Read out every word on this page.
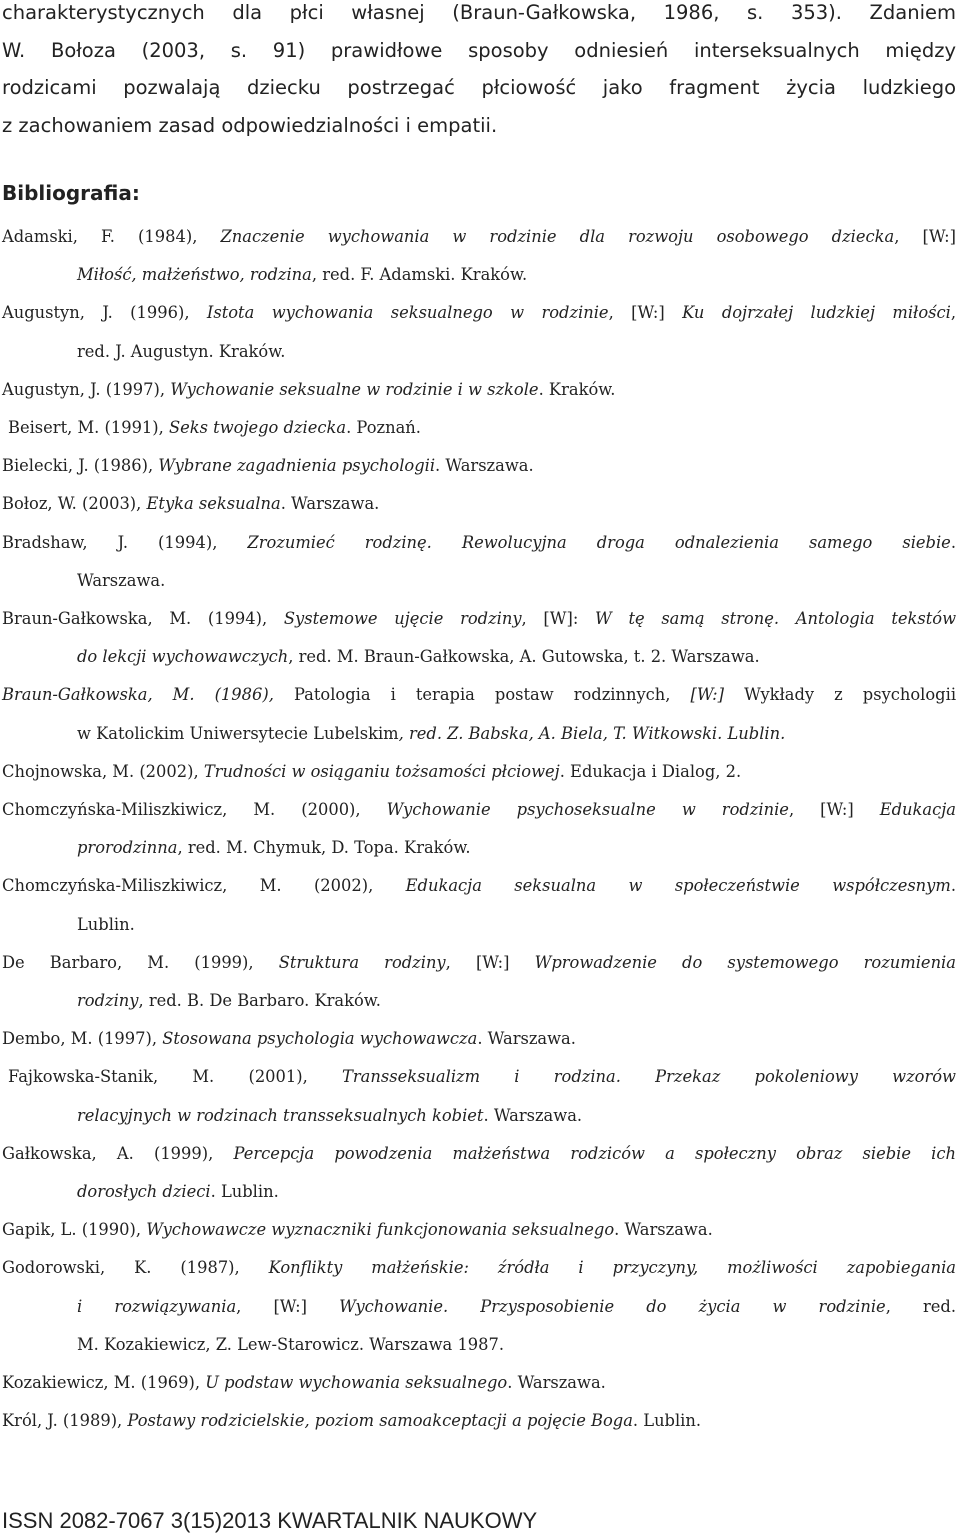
charakterystycznych dla płci własnej (Braun-Gałkowska, 1986, s. 353). Zdaniem
W. Bołoza (2003, s. 91) prawidłowe sposoby odniesień interseksualnych między
rodzicami pozwalają dziecku postrzegać płciowość jako fragment życia ludzkiego
z zachowaniem zasad odpowiedzialności i empatii.
Bibliografia:
Adamski, F. (1984), Znaczenie wychowania w rodzinie dla rozwoju osobowego dziecka, [W:]
Miłość, małżeństwo, rodzina, red. F. Adamski. Kraków.
Augustyn, J. (1996), Istota wychowania seksualnego w rodzinie, [W:] Ku dojrzałej ludzkiej miłości,
red. J. Augustyn. Kraków.
Augustyn, J. (1997), Wychowanie seksualne w rodzinie i w szkole. Kraków.
Beisert, M. (1991), Seks twojego dziecka. Poznań.
Bielecki, J. (1986), Wybrane zagadnienia psychologii. Warszawa.
Bołoz, W. (2003), Etyka seksualna. Warszawa.
Bradshaw, J. (1994), Zrozumieć rodzinę. Rewolucyjna droga odnalezienia samego siebie.
Warszawa.
Braun-Gałkowska, M. (1994), Systemowe ujęcie rodziny, [W]: W tę samą stronę. Antologia tekstów
do lekcji wychowawczych, red. M. Braun-Gałkowska, A. Gutowska, t. 2. Warszawa.
Braun-Gałkowska, M. (1986), Patologia i terapia postaw rodzinnych, [W:] Wykłady z psychologii
w Katolickim Uniwersytecie Lubelskim, red. Z. Babska, A. Biela, T. Witkowski. Lublin.
Chojnowska, M. (2002), Trudności w osiąganiu tożsamości płciowej. Edukacja i Dialog, 2.
Chomczyńska-Miliszkiwicz, M. (2000), Wychowanie psychoseksualne w rodzinie, [W:] Edukacja
prorodzinna, red. M. Chymuk, D. Topa. Kraków.
Chomczyńska-Miliszkiwicz, M. (2002), Edukacja seksualna w społeczeństwie współczesnym.
Lublin.
De Barbaro, M. (1999), Struktura rodziny, [W:] Wprowadzenie do systemowego rozumienia
rodziny, red. B. De Barbaro. Kraków.
Dembo, M. (1997), Stosowana psychologia wychowawcza. Warszawa.
Fajkowska-Stanik, M. (2001), Transseksualizm i rodzina. Przekaz pokoleniowy wzorów
relacyjnych w rodzinach transseksualnych kobiet. Warszawa.
Gałkowska, A. (1999), Percepcja powodzenia małżeństwa rodziców a społeczny obraz siebie ich
dorosłych dzieci. Lublin.
Gapik, L. (1990), Wychowawcze wyznaczniki funkcjonowania seksualnego. Warszawa.
Godorowski, K. (1987), Konflikty małżeńskie: źródła i przyczyny, możliwości zapobiegania
i rozwiązywania, [W:] Wychowanie. Przysposobienie do życia w rodzinie, red.
M. Kozakiewicz, Z. Lew-Starowicz. Warszawa 1987.
Kozakiewicz, M. (1969), U podstaw wychowania seksualnego. Warszawa.
Król, J. (1989), Postawy rodzicielskie, poziom samoakceptacji a pojęcie Boga. Lublin.
ISSN 2082-7067 3(15)2013 KWARTALNIK NAUKOWY
